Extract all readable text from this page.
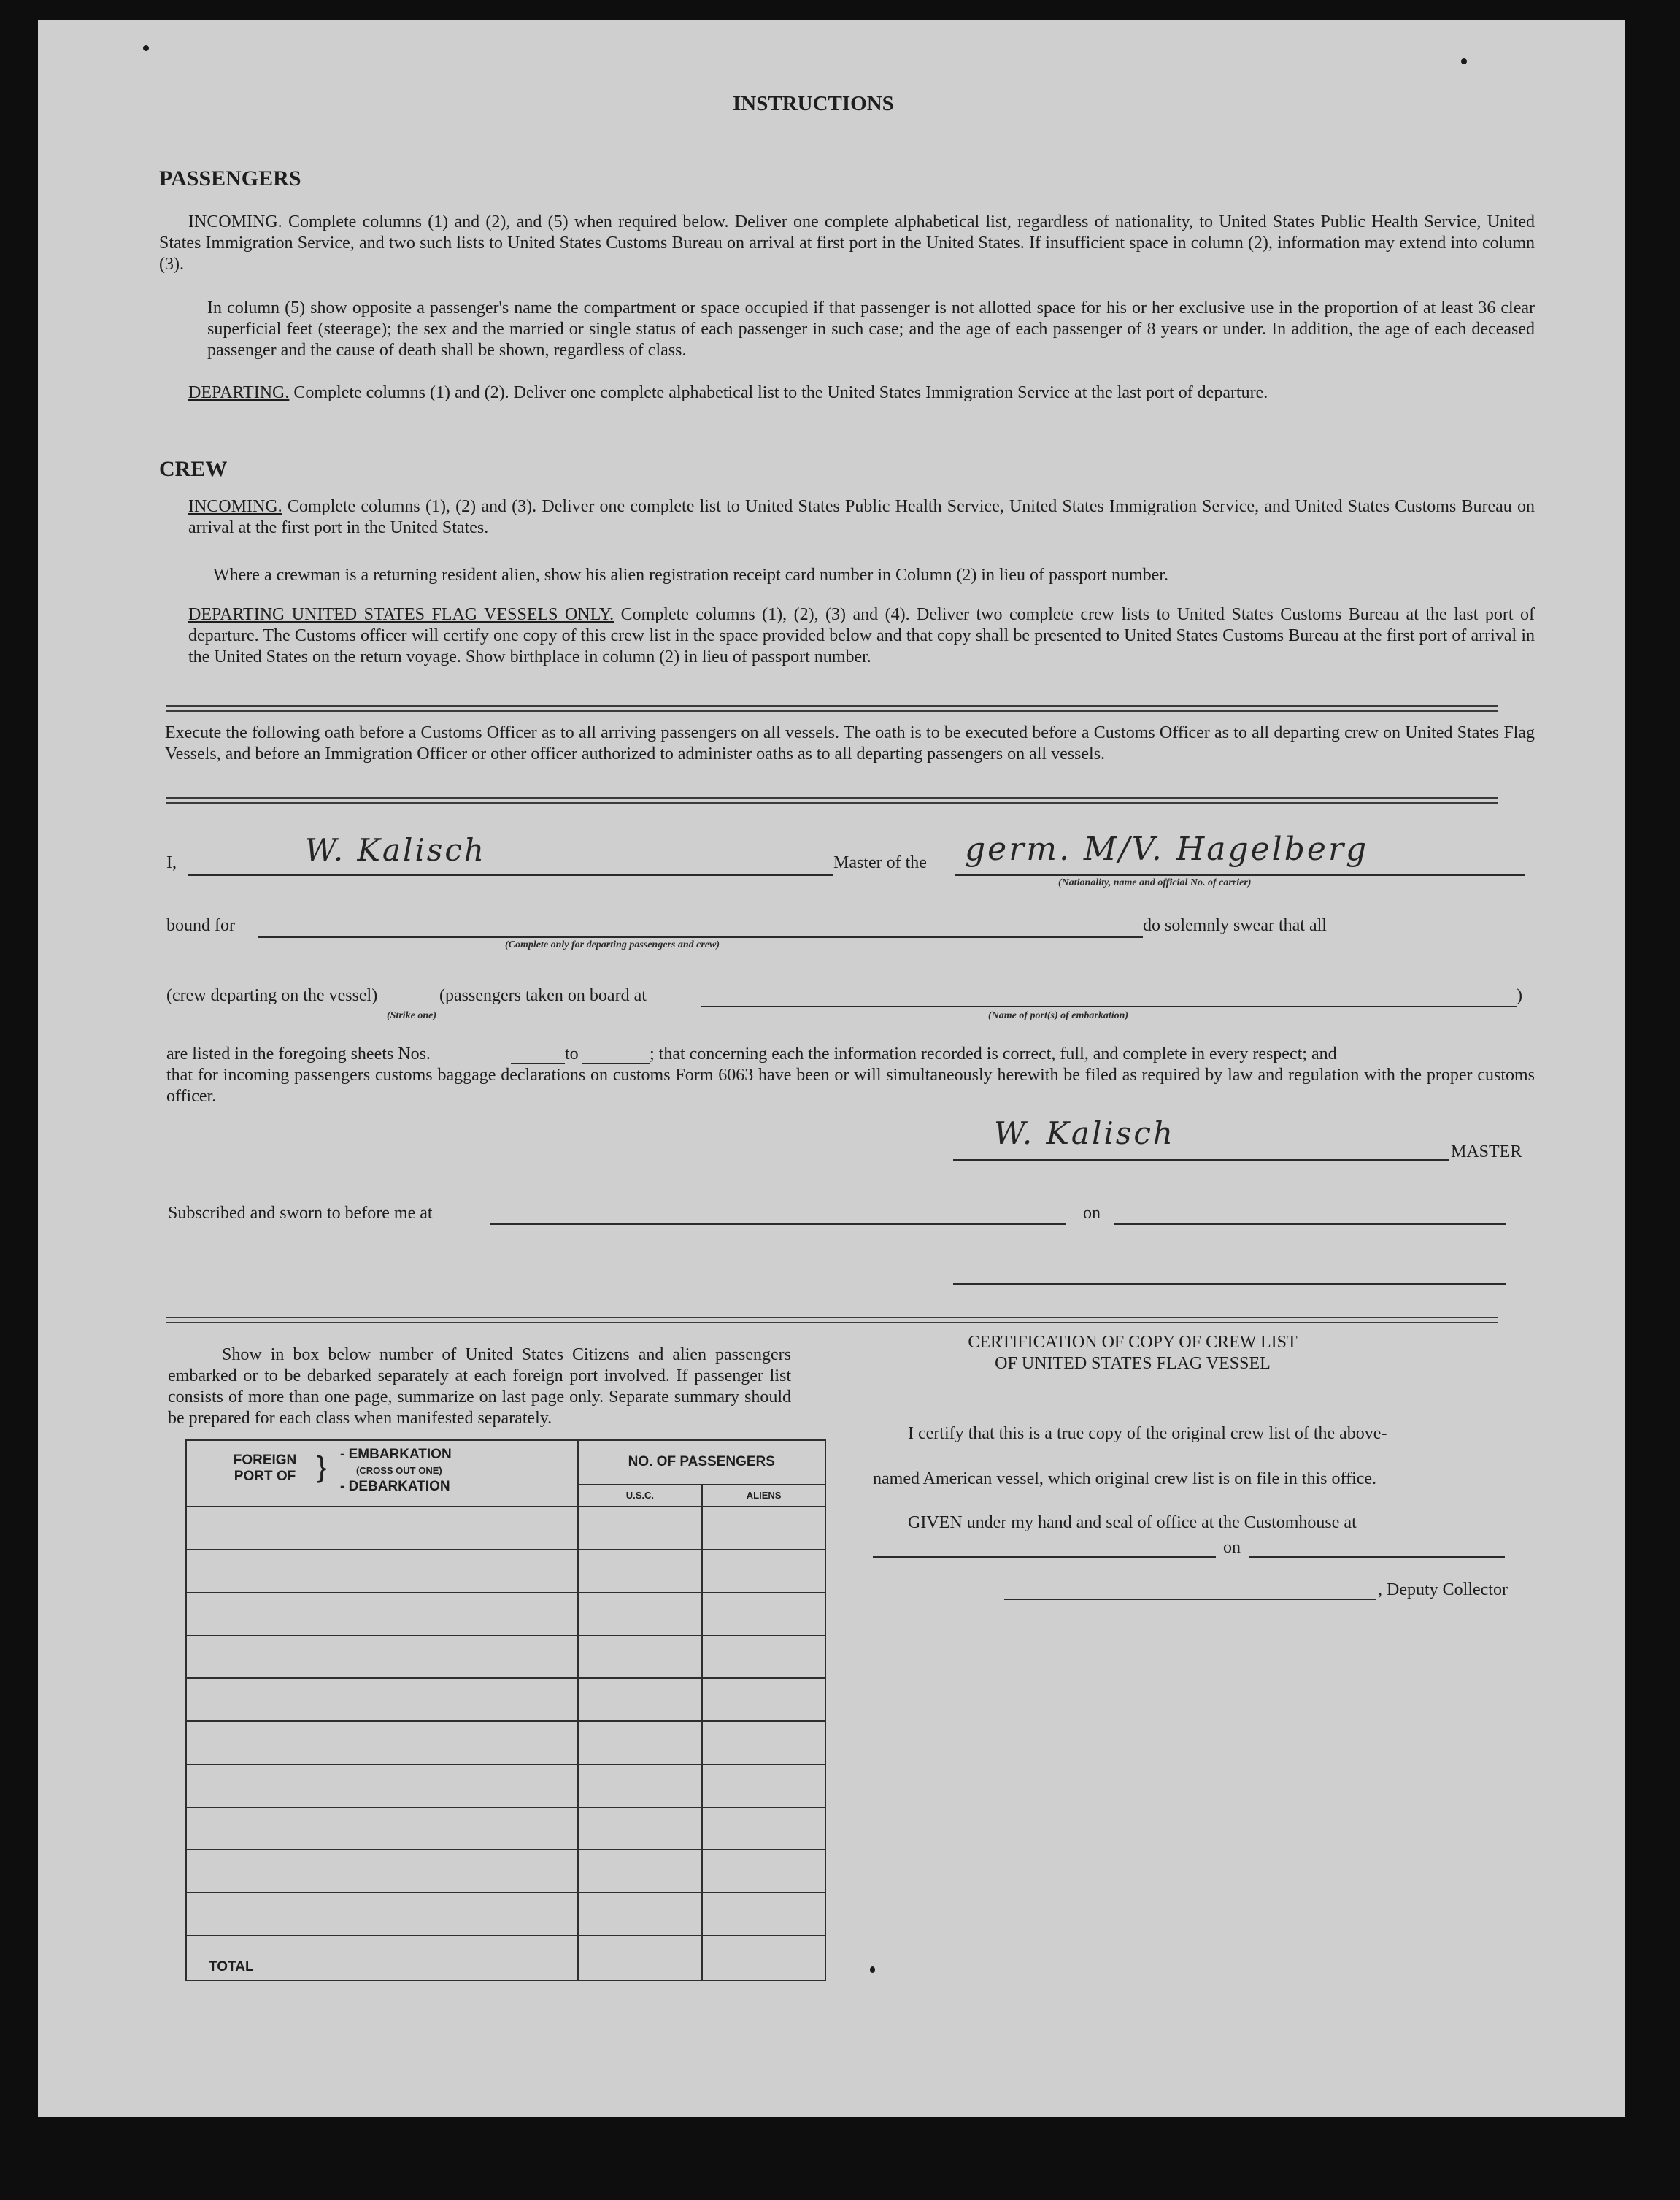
INSTRUCTIONS
PASSENGERS
INCOMING. Complete columns (1) and (2), and (5) when required below. Deliver one complete alphabetical list, regardless of nationality, to United States Public Health Service, United States Immigration Service, and two such lists to United States Customs Bureau on arrival at first port in the United States. If insufficient space in column (2), information may extend into column (3).
In column (5) show opposite a passenger's name the compartment or space occupied if that passenger is not allotted space for his or her exclusive use in the proportion of at least 36 clear superficial feet (steerage); the sex and the married or single status of each passenger in such case; and the age of each passenger of 8 years or under. In addition, the age of each deceased passenger and the cause of death shall be shown, regardless of class.
DEPARTING. Complete columns (1) and (2). Deliver one complete alphabetical list to the United States Immigration Service at the last port of departure.
CREW
INCOMING. Complete columns (1), (2) and (3). Deliver one complete list to United States Public Health Service, United States Immigration Service, and United States Customs Bureau on arrival at the first port in the United States.
Where a crewman is a returning resident alien, show his alien registration receipt card number in Column (2) in lieu of passport number.
DEPARTING UNITED STATES FLAG VESSELS ONLY. Complete columns (1), (2), (3) and (4). Deliver two complete crew lists to United States Customs Bureau at the last port of departure. The Customs officer will certify one copy of this crew list in the space provided below and that copy shall be presented to United States Customs Bureau at the first port of arrival in the United States on the return voyage. Show birthplace in column (2) in lieu of passport number.
Execute the following oath before a Customs Officer as to all arriving passengers on all vessels. The oath is to be executed before a Customs Officer as to all departing crew on United States Flag Vessels, and before an Immigration Officer or other officer authorized to administer oaths as to all departing passengers on all vessels.
I,	W. Kalisch	Master of the germ. M/V. Hagelberg
(Nationality, name and official No. of carrier)
bound for
(Complete only for departing passengers and crew)
do solemnly swear that all
(crew departing on the vessel)
(Strike one)
(passengers taken on board at
(Name of port(s) of embarkation)
)
are listed in the foregoing sheets Nos.	to	; that concerning each the information recorded is correct, full, and complete in every respect; and
that for incoming passengers customs baggage declarations on customs Form 6063 have been or will simultaneously herewith be filed as required by law and regulation with the proper customs officer.
W. Kalisch
MASTER
Subscribed and sworn to before me at	on
Show in box below number of United States Citizens and alien passengers embarked or to be debarked separately at each foreign port involved. If passenger list consists of more than one page, summarize on last page only. Separate summary should be prepared for each class when manifested separately.
FOREIGN PORT OF } - EMBARKATION
(CROSS OUT ONE)
- DEBARKATION	NO. OF PASSENGERS	
	U.S.C.	ALIENS

TOTAL		
CERTIFICATION OF COPY OF CREW LIST
OF UNITED STATES FLAG VESSEL
I certify that this is a true copy of the original crew list of the above-
named American vessel, which original crew list is on file in this office.
GIVEN under my hand and seal of office at the Customhouse at
on
, Deputy Collector
